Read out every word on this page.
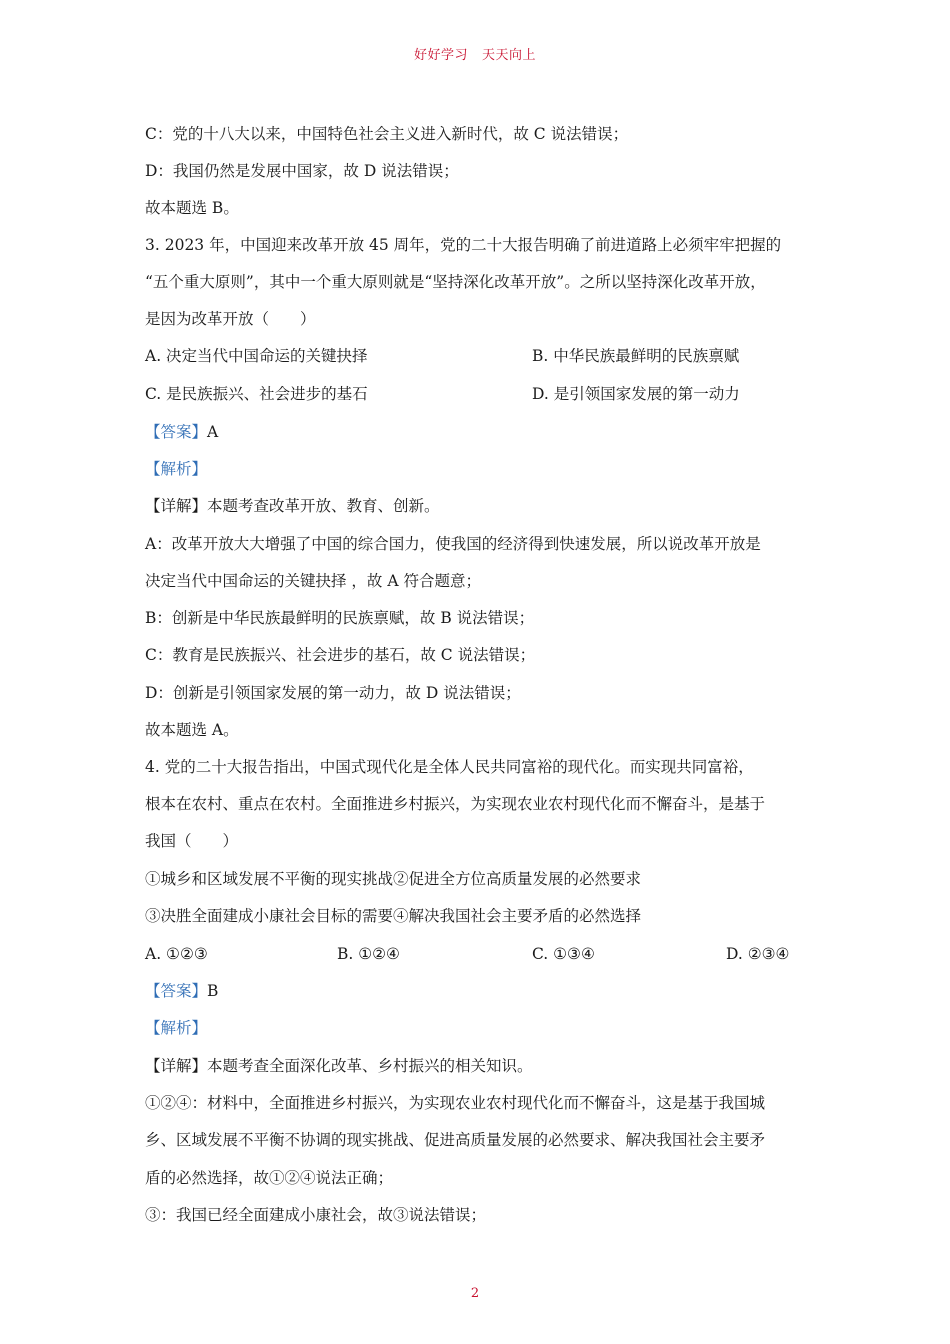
好好学习 天天向上
C：党的十八大以来，中国特色社会主义进入新时代，故 C 说法错误；
D：我国仍然是发展中国家，故 D 说法错误；
故本题选 B。
3. 2023 年，中国迎来改革开放 45 周年，党的二十大报告明确了前进道路上必须牢牢把握的
“五个重大原则”，其中一个重大原则就是“坚持深化改革开放”。之所以坚持深化改革开放，
是因为改革开放（　　）
A. 决定当代中国命运的关键抉择	B. 中华民族最鲜明的民族禀赋
C. 是民族振兴、社会进步的基石	D. 是引领国家发展的第一动力
【答案】A
【解析】
【详解】本题考查改革开放、教育、创新。
A：改革开放大大增强了中国的综合国力，使我国的经济得到快速发展，所以说改革开放是
决定当代中国命运的关键抉择 ，故 A 符合题意；
B：创新是中华民族最鲜明的民族禀赋，故 B 说法错误；
C：教育是民族振兴、社会进步的基石，故 C 说法错误；
D：创新是引领国家发展的第一动力，故 D 说法错误；
故本题选 A。
4. 党的二十大报告指出，中国式现代化是全体人民共同富裕的现代化。而实现共同富裕，
根本在农村、重点在农村。全面推进乡村振兴，为实现农业农村现代化而不懈奋斗，是基于
我国（　　）
①城乡和区域发展不平衡的现实挑战②促进全方位高质量发展的必然要求
③决胜全面建成小康社会目标的需要④解决我国社会主要矛盾的必然选择
A. ①②③	B. ①②④	C. ①③④	D. ②③④
【答案】B
【解析】
【详解】本题考查全面深化改革、乡村振兴的相关知识。
①②④：材料中，全面推进乡村振兴，为实现农业农村现代化而不懈奋斗，这是基于我国城
乡、区域发展不平衡不协调的现实挑战、促进高质量发展的必然要求、解决我国社会主要矛
盾的必然选择，故①②④说法正确；
③：我国已经全面建成小康社会，故③说法错误；
2
